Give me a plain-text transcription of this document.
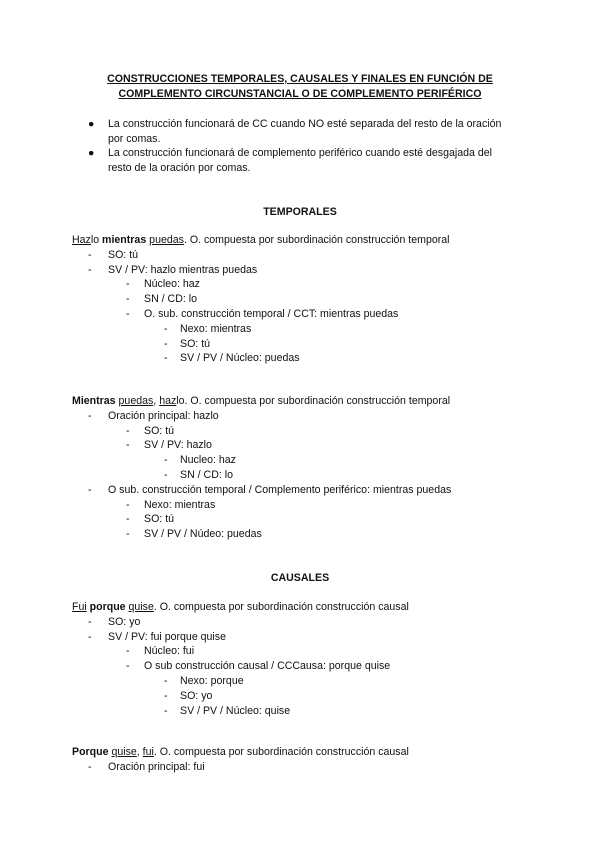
CONSTRUCCIONES TEMPORALES, CAUSALES Y FINALES EN FUNCIÓN DE
COMPLEMENTO CIRCUNSTANCIAL O DE COMPLEMENTO PERIFÉRICO
● La construcción funcionará de CC cuando NO esté separada del resto de la oración
por comas.
● La construcción funcionará de complemento periférico cuando esté desgajada del
resto de la oración por comas.
TEMPORALES
Hazlo mientras puedas. O. compuesta por subordinación construcción temporal
- SO: tú
- SV / PV: hazlo mientras puedas
- Núcleo: haz
- SN / CD: lo
- O. sub. construcción temporal / CCT: mientras puedas
- Nexo: mientras
- SO: tú
- SV / PV / Núcleo: puedas
Mientras puedas, hazlo. O. compuesta por subordinación construcción temporal
- Oración principal: hazlo
- SO: tú
- SV / PV: hazlo
- Nucleo: haz
- SN / CD: lo
- O sub. construcción temporal / Complemento periférico: mientras puedas
- Nexo: mientras
- SO: tú
- SV / PV / Núdeo: puedas
CAUSALES
Fui porque quise. O. compuesta por subordinación construcción causal
- SO: yo
- SV / PV: fui porque quise
- Núcleo: fui
- O sub construcción causal / CCCausa: porque quise
- Nexo: porque
- SO: yo
- SV / PV / Núcleo: quise
Porque quise, fui. O. compuesta por subordinación construcción causal
- Oración principal: fui
